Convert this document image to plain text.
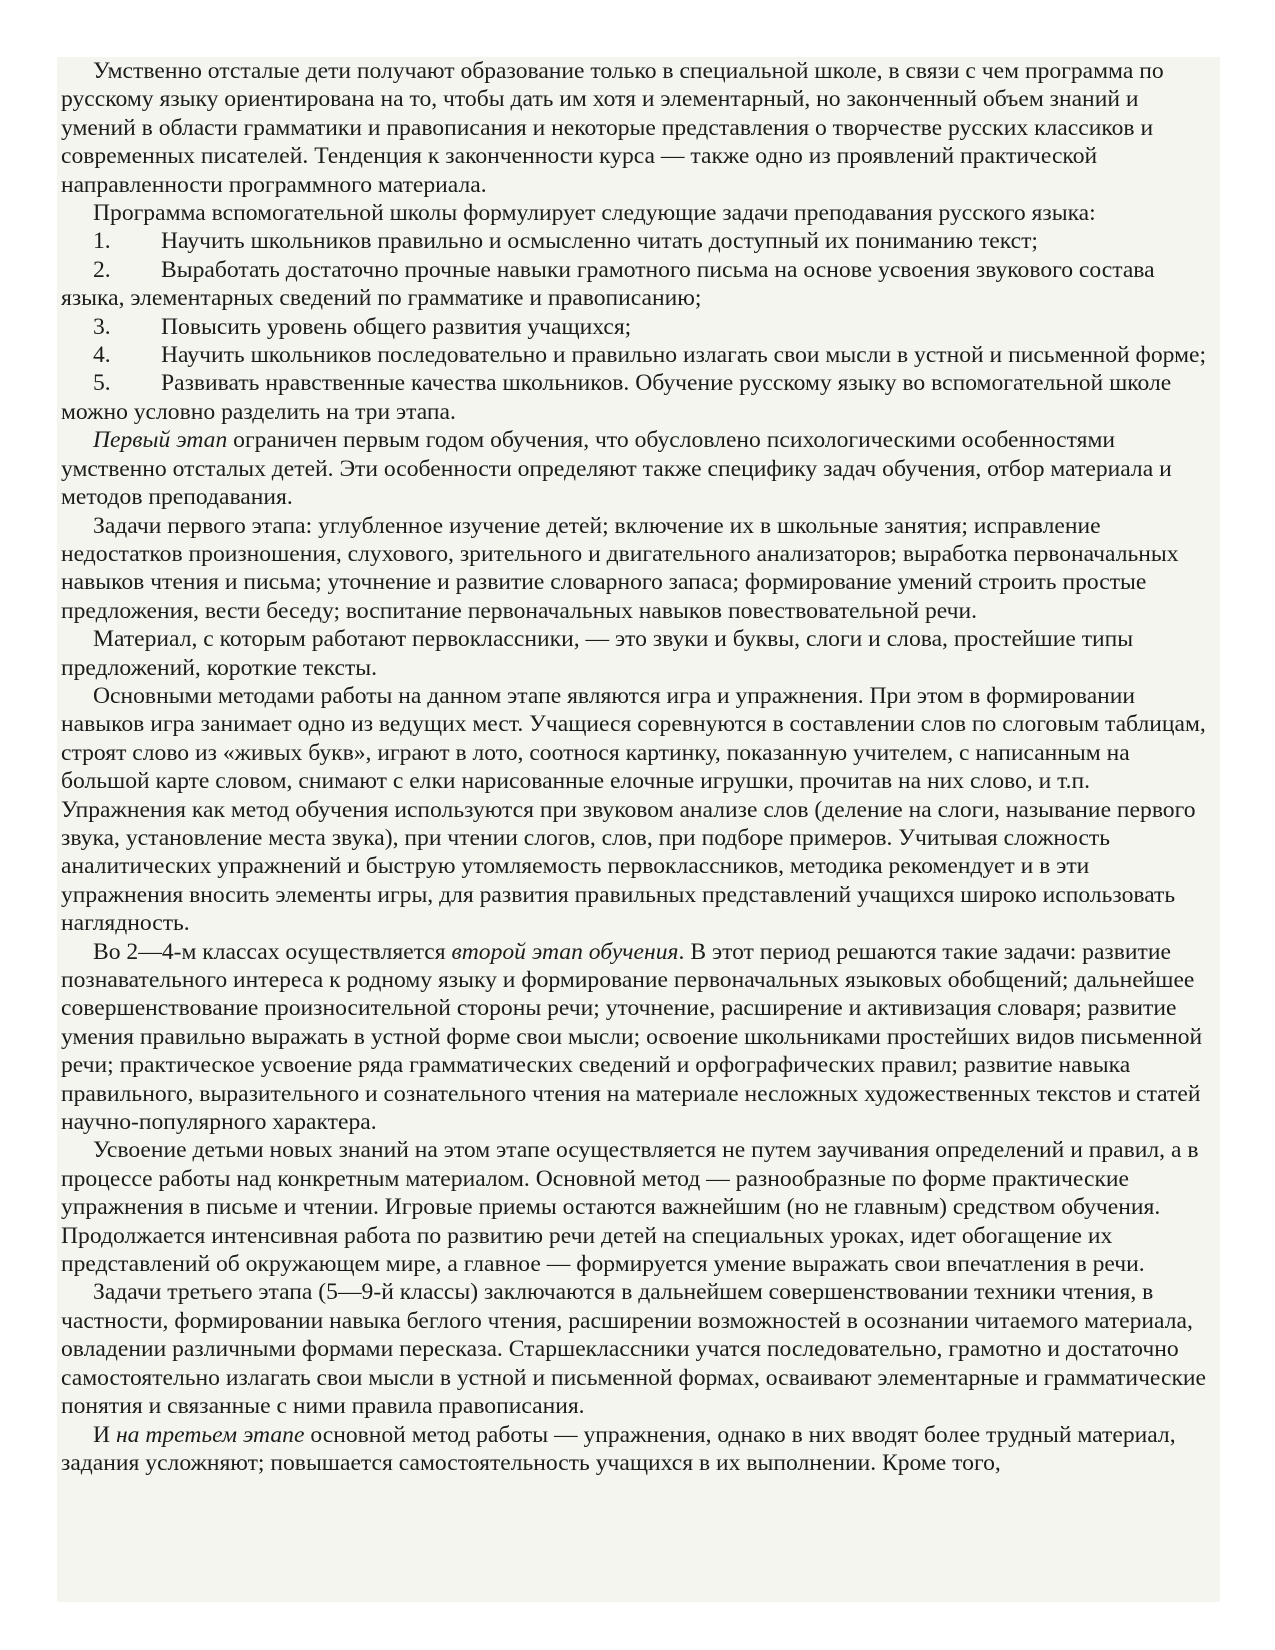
Умственно отсталые дети получают образование только в специальной школе, в связи с чем программа по русскому языку ориентирована на то, чтобы дать им хотя и элементарный, но законченный объем знаний и умений в области грамматики и правописания и некоторые представления о творчестве русских классиков и современных писателей. Тенденция к законченности курса — также одно из проявлений практической направленности программного материала.

Программа вспомогательной школы формулирует следующие задачи преподавания русского языка:

1. Научить школьников правильно и осмысленно читать доступный их пониманию текст;

2. Выработать достаточно прочные навыки грамотного письма на основе усвоения звукового состава языка, элементарных сведений по грамматике и правописанию;

3. Повысить уровень общего развития учащихся;

4. Научить школьников последовательно и правильно излагать свои мысли в устной и письменной форме;

5. Развивать нравственные качества школьников. Обучение русскому языку во вспомогательной школе можно условно разделить на три этапа.

Первый этап ограничен первым годом обучения, что обусловлено психологическими особенностями умственно отсталых детей. Эти особенности определяют также специфику задач обучения, отбор материала и методов преподавания.

Задачи первого этапа: углубленное изучение детей; включение их в школьные занятия; исправление недостатков произношения, слухового, зрительного и двигательного анализаторов; выработка первоначальных навыков чтения и письма; уточнение и развитие словарного запаса; формирование умений строить простые предложения, вести беседу; воспитание первоначальных навыков повествовательной речи.

Материал, с которым работают первоклассники, — это звуки и буквы, слоги и слова, простейшие типы предложений, короткие тексты.

Основными методами работы на данном этапе являются игра и упражнения. При этом в формировании навыков игра занимает одно из ведущих мест. Учащиеся соревнуются в составлении слов по слоговым таблицам, строят слово из «живых букв», играют в лото, соотнося картинку, показанную учителем, с написанным на большой карте словом, снимают с елки нарисованные елочные игрушки, прочитав на них слово, и т.п. Упражнения как метод обучения используются при звуковом анализе слов (деление на слоги, называние первого звука, установление места звука), при чтении слогов, слов, при подборе примеров. Учитывая сложность аналитических упражнений и быструю утомляемость первоклассников, методика рекомендует и в эти упражнения вносить элементы игры, для развития правильных представлений учащихся широко использовать наглядность.

Во 2—4-м классах осуществляется второй этап обучения. В этот период решаются такие задачи: развитие познавательного интереса к родному языку и формирование первоначальных языковых обобщений; дальнейшее совершенствование произносительной стороны речи; уточнение, расширение и активизация словаря; развитие умения правильно выражать в устной форме свои мысли; освоение школьниками простейших видов письменной речи; практическое усвоение ряда грамматических сведений и орфографических правил; развитие навыка правильного, выразительного и сознательного чтения на материале несложных художественных текстов и статей научно-популярного характера.

Усвоение детьми новых знаний на этом этапе осуществляется не путем заучивания определений и правил, а в процессе работы над конкретным материалом. Основной метод — разнообразные по форме практические упражнения в письме и чтении. Игровые приемы остаются важнейшим (но не главным) средством обучения. Продолжается интенсивная работа по развитию речи детей на специальных уроках, идет обогащение их представлений об окружающем мире, а главное — формируется умение выражать свои впечатления в речи.

Задачи третьего этапа (5—9-й классы) заключаются в дальнейшем совершенствовании техники чтения, в частности, формировании навыка беглого чтения, расширении возможностей в осознании читаемого материала, овладении различными формами пересказа. Старшеклассники учатся последовательно, грамотно и достаточно самостоятельно излагать свои мысли в устной и письменной формах, осваивают элементарные и грамматические понятия и связанные с ними правила правописания.

И на третьем этапе основной метод работы — упражнения, однако в них вводят более трудный материал, задания усложняют; повышается самостоятельность учащихся в их выполнении. Кроме того,
